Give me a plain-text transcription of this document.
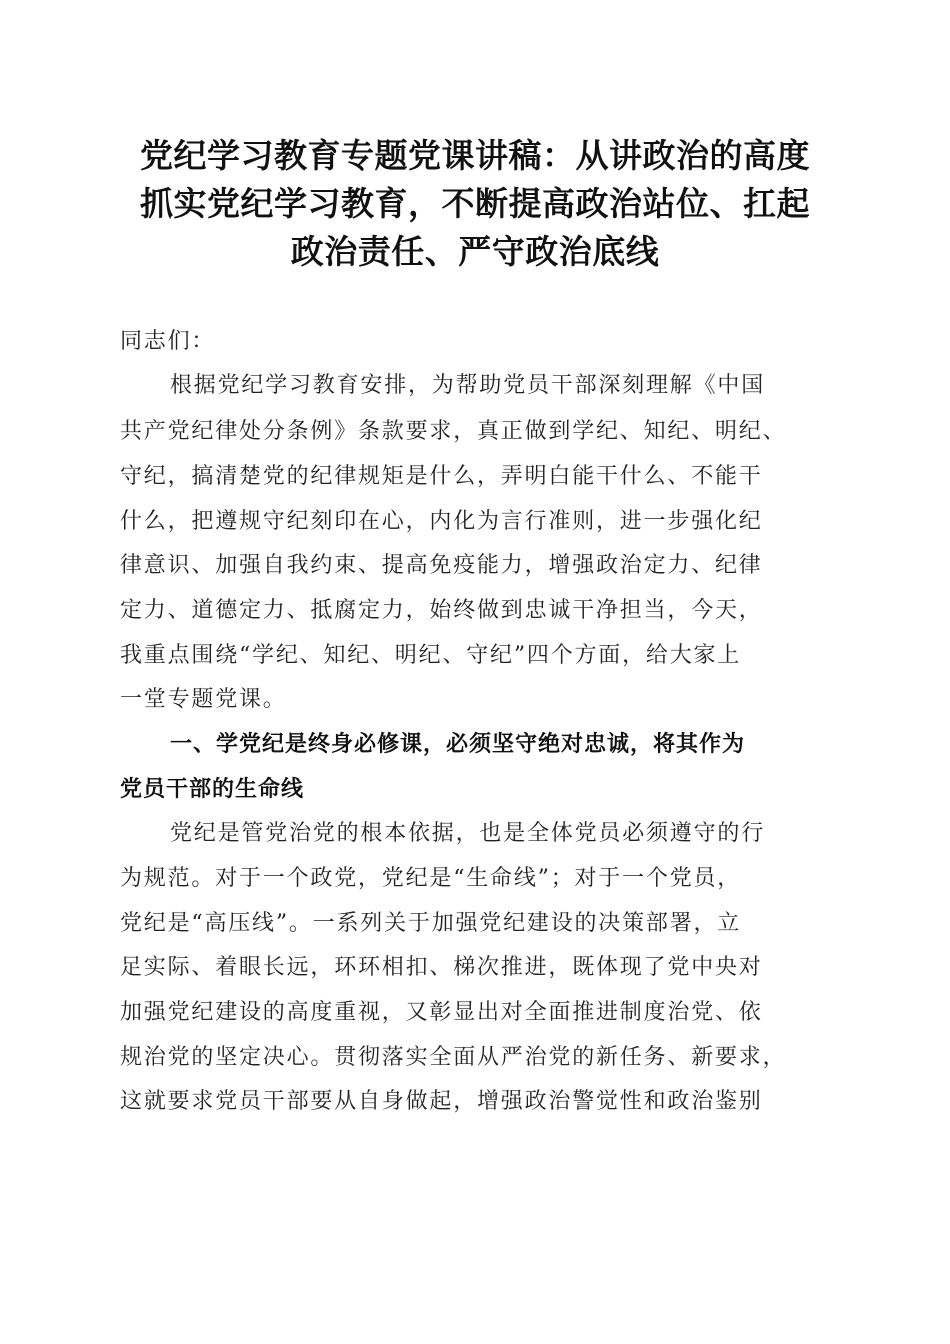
党纪学习教育专题党课讲稿：从讲政治的高度
抓实党纪学习教育，不断提高政治站位、扛起
政治责任、严守政治底线
同志们：
根据党纪学习教育安排，为帮助党员干部深刻理解《中国
共产党纪律处分条例》条款要求，真正做到学纪、知纪、明纪、
守纪，搞清楚党的纪律规矩是什么，弄明白能干什么、不能干
什么，把遵规守纪刻印在心，内化为言行准则，进一步强化纪
律意识、加强自我约束、提高免疫能力，增强政治定力、纪律
定力、道德定力、抵腐定力，始终做到忠诚干净担当，今天，
我重点围绕“学纪、知纪、明纪、守纪”四个方面，给大家上
一堂专题党课。
一、学党纪是终身必修课，必须坚守绝对忠诚，将其作为
党员干部的生命线
党纪是管党治党的根本依据，也是全体党员必须遵守的行
为规范。对于一个政党，党纪是“生命线”；对于一个党员，
党纪是“高压线”。一系列关于加强党纪建设的决策部署，立
足实际、着眼长远，环环相扣、梯次推进，既体现了党中央对
加强党纪建设的高度重视，又彰显出对全面推进制度治党、依
规治党的坚定决心。贯彻落实全面从严治党的新任务、新要求，
这就要求党员干部要从自身做起，增强政治警觉性和政治鉴别
